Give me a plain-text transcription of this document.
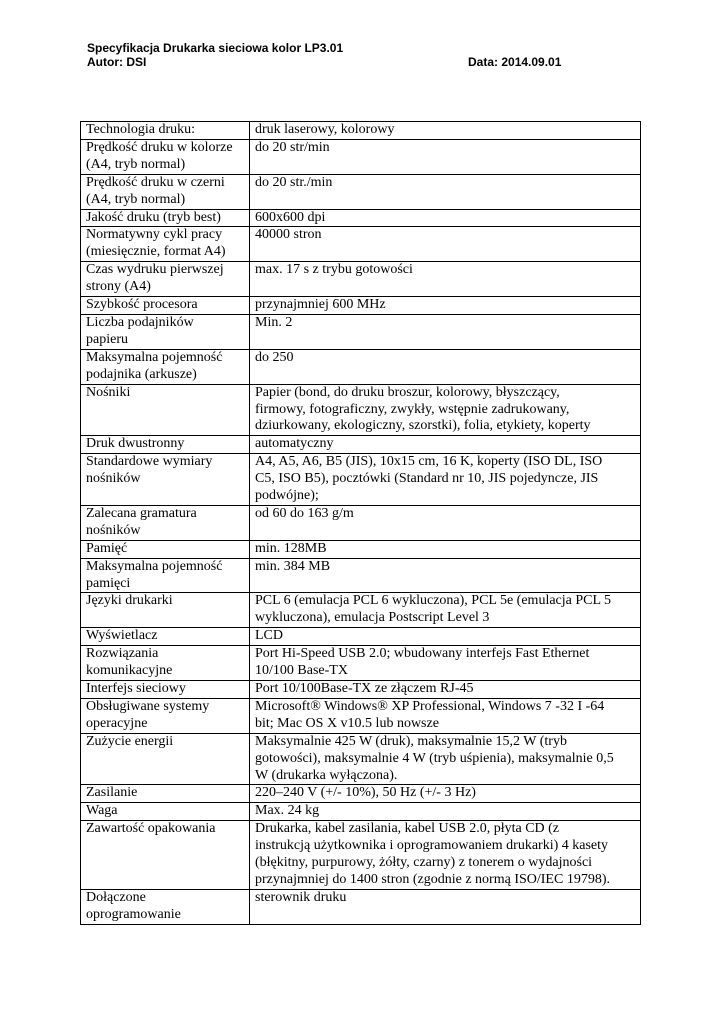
Specyfikacja Drukarka sieciowa kolor LP3.01
Autor: DSI	Data: 2014.09.01
Technologia druku:	druk laserowy, kolorowy
Prędkość druku w kolorze
(A4, tryb normal)	do 20 str/min
Prędkość druku w czerni
(A4, tryb normal)	do 20 str./min
Jakość druku (tryb best)	600x600 dpi
Normatywny cykl pracy
(miesięcznie, format A4)	40000 stron
Czas wydruku pierwszej
strony (A4)	max. 17 s z trybu gotowości
Szybkość procesora	przynajmniej 600 MHz
Liczba podajników
papieru	Min. 2
Maksymalna pojemność
podajnika (arkusze)	do 250
Nośniki	Papier (bond, do druku broszur, kolorowy, błyszczący,
firmowy, fotograficzny, zwykły, wstępnie zadrukowany,
dziurkowany, ekologiczny, szorstki), folia, etykiety, koperty
Druk dwustronny	automatyczny
Standardowe wymiary
nośników	A4, A5, A6, B5 (JIS), 10x15 cm, 16 K, koperty (ISO DL, ISO
C5, ISO B5), pocztówki (Standard nr 10, JIS pojedyncze, JIS
podwójne);
Zalecana gramatura
nośników	od 60 do 163 g/m
Pamięć	min. 128MB
Maksymalna pojemność
pamięci	min. 384 MB
Języki drukarki	PCL 6 (emulacja PCL 6 wykluczona), PCL 5e (emulacja PCL 5
wykluczona), emulacja Postscript Level 3
Wyświetlacz	LCD
Rozwiązania
komunikacyjne	Port Hi-Speed USB 2.0; wbudowany interfejs Fast Ethernet
10/100 Base-TX
Interfejs sieciowy	Port 10/100Base-TX ze złączem RJ-45
Obsługiwane systemy
operacyjne	Microsoft® Windows® XP Professional, Windows 7 -32 I -64
bit; Mac OS X v10.5 lub nowsze
Zużycie energii	Maksymalnie 425 W (druk), maksymalnie 15,2 W (tryb
gotowości), maksymalnie 4 W (tryb uśpienia), maksymalnie 0,5
W (drukarka wyłączona).
Zasilanie	220–240 V (+/- 10%), 50 Hz (+/- 3 Hz)
Waga	Max. 24 kg
Zawartość opakowania	Drukarka, kabel zasilania, kabel USB 2.0, płyta CD (z
instrukcją użytkownika i oprogramowaniem drukarki) 4 kasety
(błękitny, purpurowy, żółty, czarny) z tonerem o wydajności
przynajmniej do 1400 stron (zgodnie z normą ISO/IEC 19798).
Dołączone
oprogramowanie	sterownik druku
